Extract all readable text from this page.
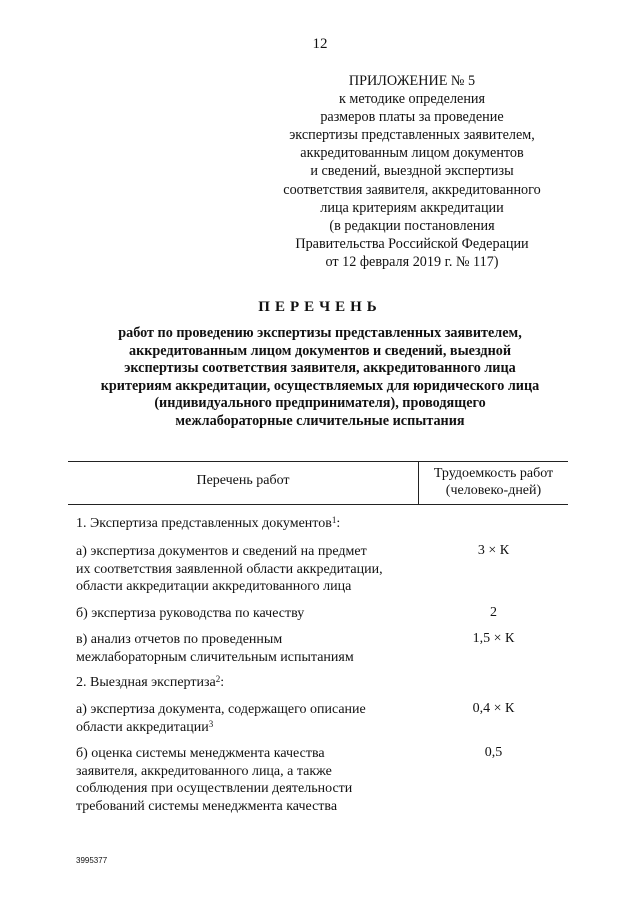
12
ПРИЛОЖЕНИЕ № 5
к методике определения
размеров платы за проведение
экспертизы представленных заявителем,
аккредитованным лицом документов
и сведений, выездной экспертизы
соответствия заявителя, аккредитованного
лица критериям аккредитации
(в редакции постановления
Правительства Российской Федерации
от 12 февраля 2019 г. № 117)
ПЕРЕЧЕНЬ
работ по проведению экспертизы представленных заявителем,
аккредитованным лицом документов и сведений, выездной
экспертизы соответствия заявителя, аккредитованного лица
критериям аккредитации, осуществляемых для юридического лица
(индивидуального предпринимателя), проводящего
межлабораторные сличительные испытания
Перечень работ	Трудоемкость работ
(человеко-дней)
1. Экспертиза представленных документов$^1$:
а) экспертиза документов и сведений на предмет
их соответствия заявленной области аккредитации,
области аккредитации аккредитованного лица
3 × К
б) экспертиза руководства по качеству	2
в) анализ отчетов по проведенным
межлабораторным сличительным испытаниям
1,5 × К
2. Выездная экспертиза$^2$:
а) экспертиза документа, содержащего описание
области аккредитации$^3$
0,4 × К
б) оценка системы менеджмента качества
заявителя, аккредитованного лица, а также
соблюдения при осуществлении деятельности
требований системы менеджмента качества
0,5
3995377
